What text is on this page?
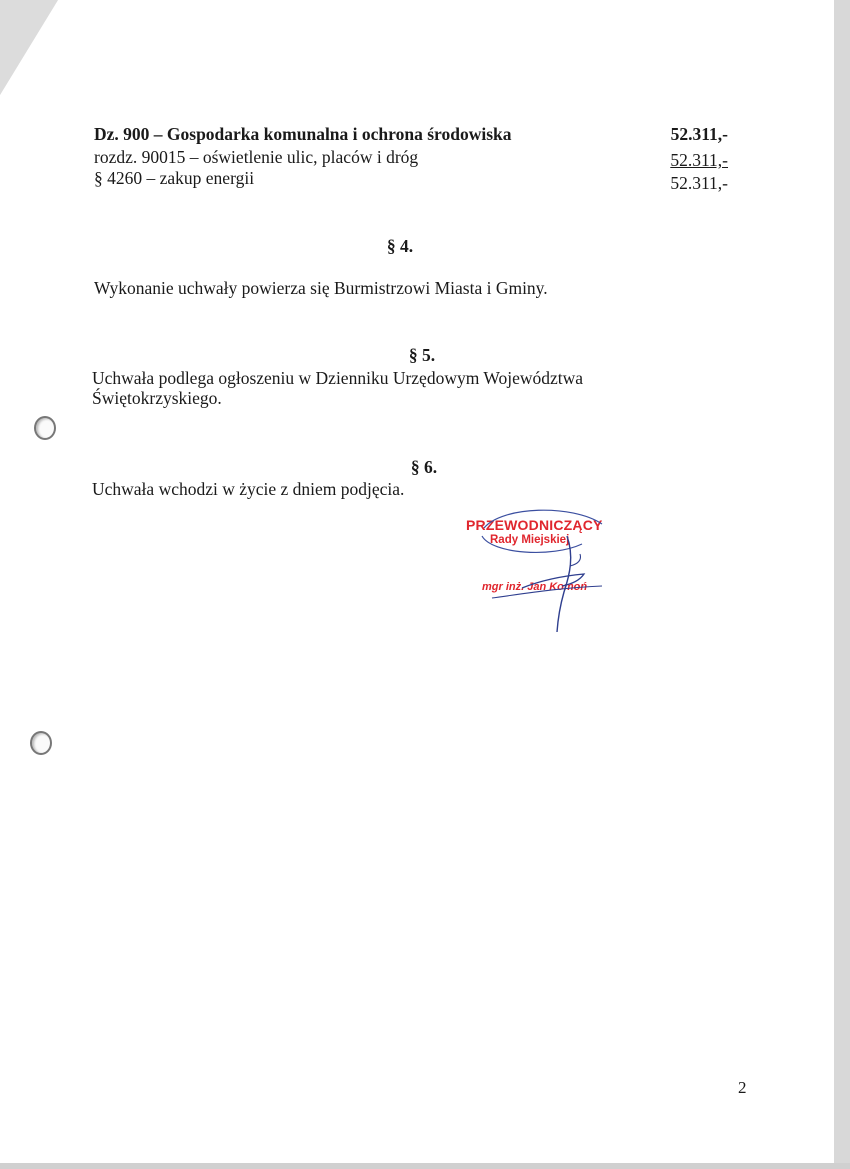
Dz. 900 – Gospodarka komunalna i ochrona środowiska	52.311,-
rozdz. 90015 – oświetlenie ulic, placów i dróg	52.311,-
§ 4260 – zakup energii	52.311,-
§ 4.
Wykonanie uchwały powierza się Burmistrzowi Miasta i Gminy.
§ 5.
Uchwała podlega ogłoszeniu w Dzienniku Urzędowym Województwa
Świętokrzyskiego.
§ 6.
Uchwała wchodzi w życie z dniem podjęcia.
PRZEWODNICZĄCY
Rady Miejskiej
mgr inż. Jan Komoń
2
